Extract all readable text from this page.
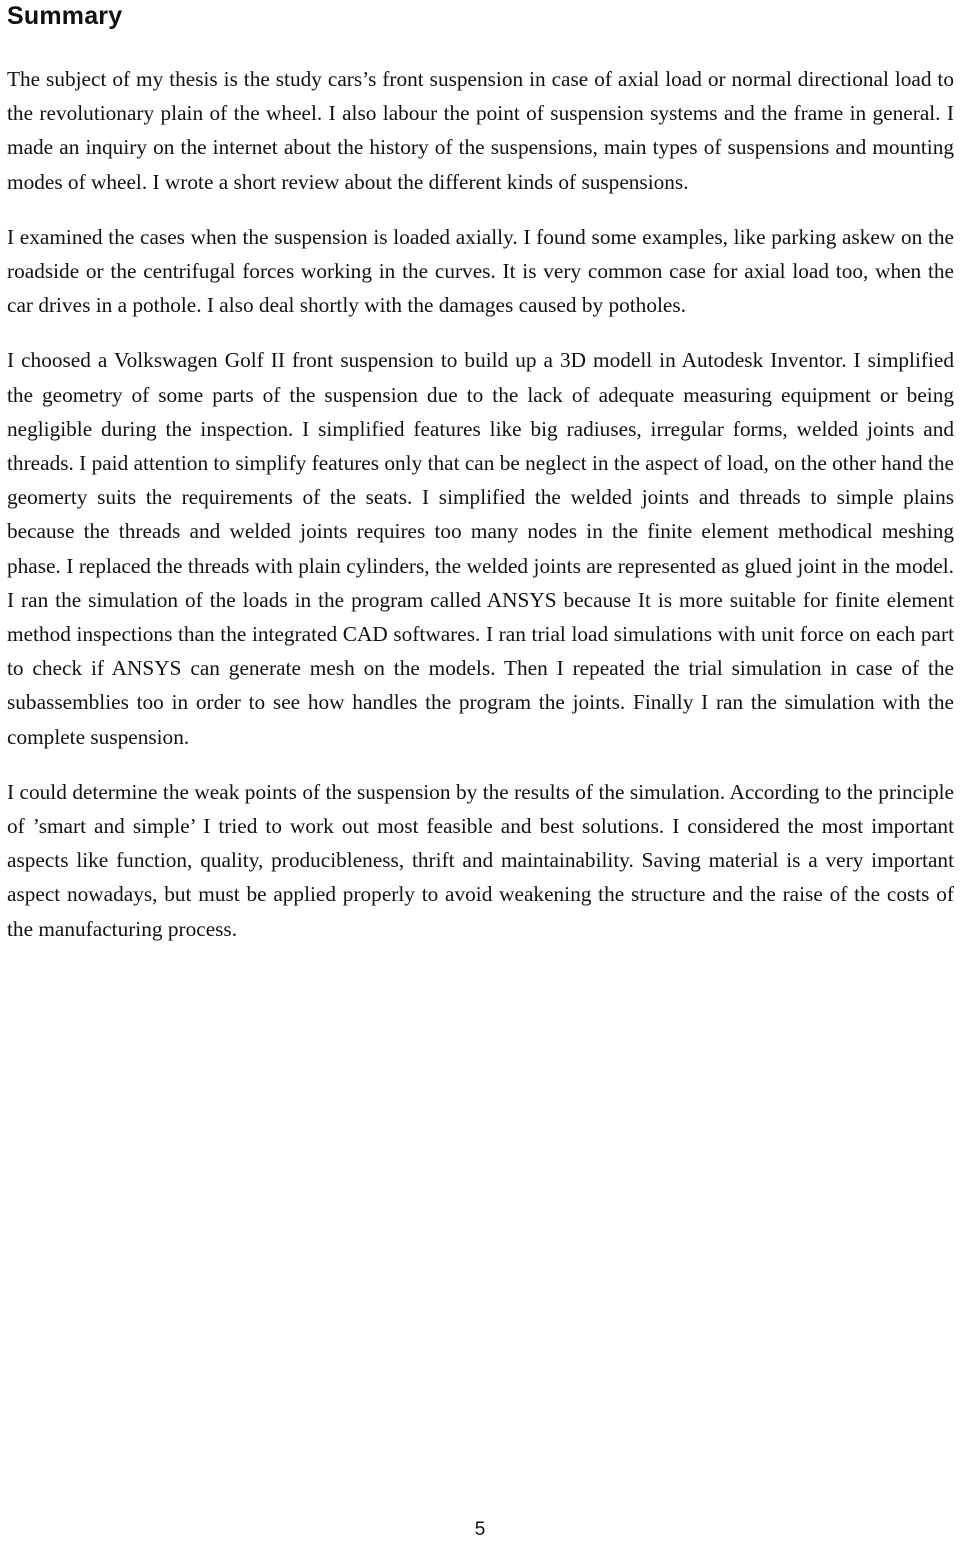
Summary

The subject of my thesis is the study cars’s front suspension in case of axial load or normal directional load to the revolutionary plain of the wheel. I also labour the point of suspension systems and the frame in general. I made an inquiry on the internet about the history of the suspensions, main types of suspensions and mounting modes of wheel. I wrote a short review about the different kinds of suspensions.

I examined the cases when the suspension is loaded axially. I found some examples, like parking askew on the roadside or the centrifugal forces working in the curves. It is very common case for axial load too, when the car drives in a pothole. I also deal shortly with the damages caused by potholes.

I choosed a Volkswagen Golf II front suspension to build up a 3D modell in Autodesk Inventor. I simplified the geometry of some parts of the suspension due to the lack of adequate measuring equipment or being negligible during the inspection. I simplified features like big radiuses, irregular forms, welded joints and threads. I paid attention to simplify features only that can be neglect in the aspect of load, on the other hand the geomerty suits the requirements of the seats. I simplified the welded joints and threads to simple plains because the threads and welded joints requires too many nodes in the finite element methodical meshing phase. I replaced the threads with plain cylinders, the welded joints are represented as glued joint in the model. I ran the simulation of the loads in the program called ANSYS because It is more suitable for finite element method inspections than the integrated CAD softwares. I ran trial load simulations with unit force on each part to check if ANSYS can generate mesh on the models. Then I repeated the trial simulation in case of the subassemblies too in order to see how handles the program the joints. Finally I ran the simulation with the complete suspension.

I could determine the weak points of the suspension by the results of the simulation. According to the principle of ’smart and simple’ I tried to work out most feasible and best solutions. I considered the most important aspects like function, quality, producibleness, thrift and maintainability. Saving material is a very important aspect nowadays, but must be applied properly to avoid weakening the structure and the raise of the costs of the manufacturing process.

5
